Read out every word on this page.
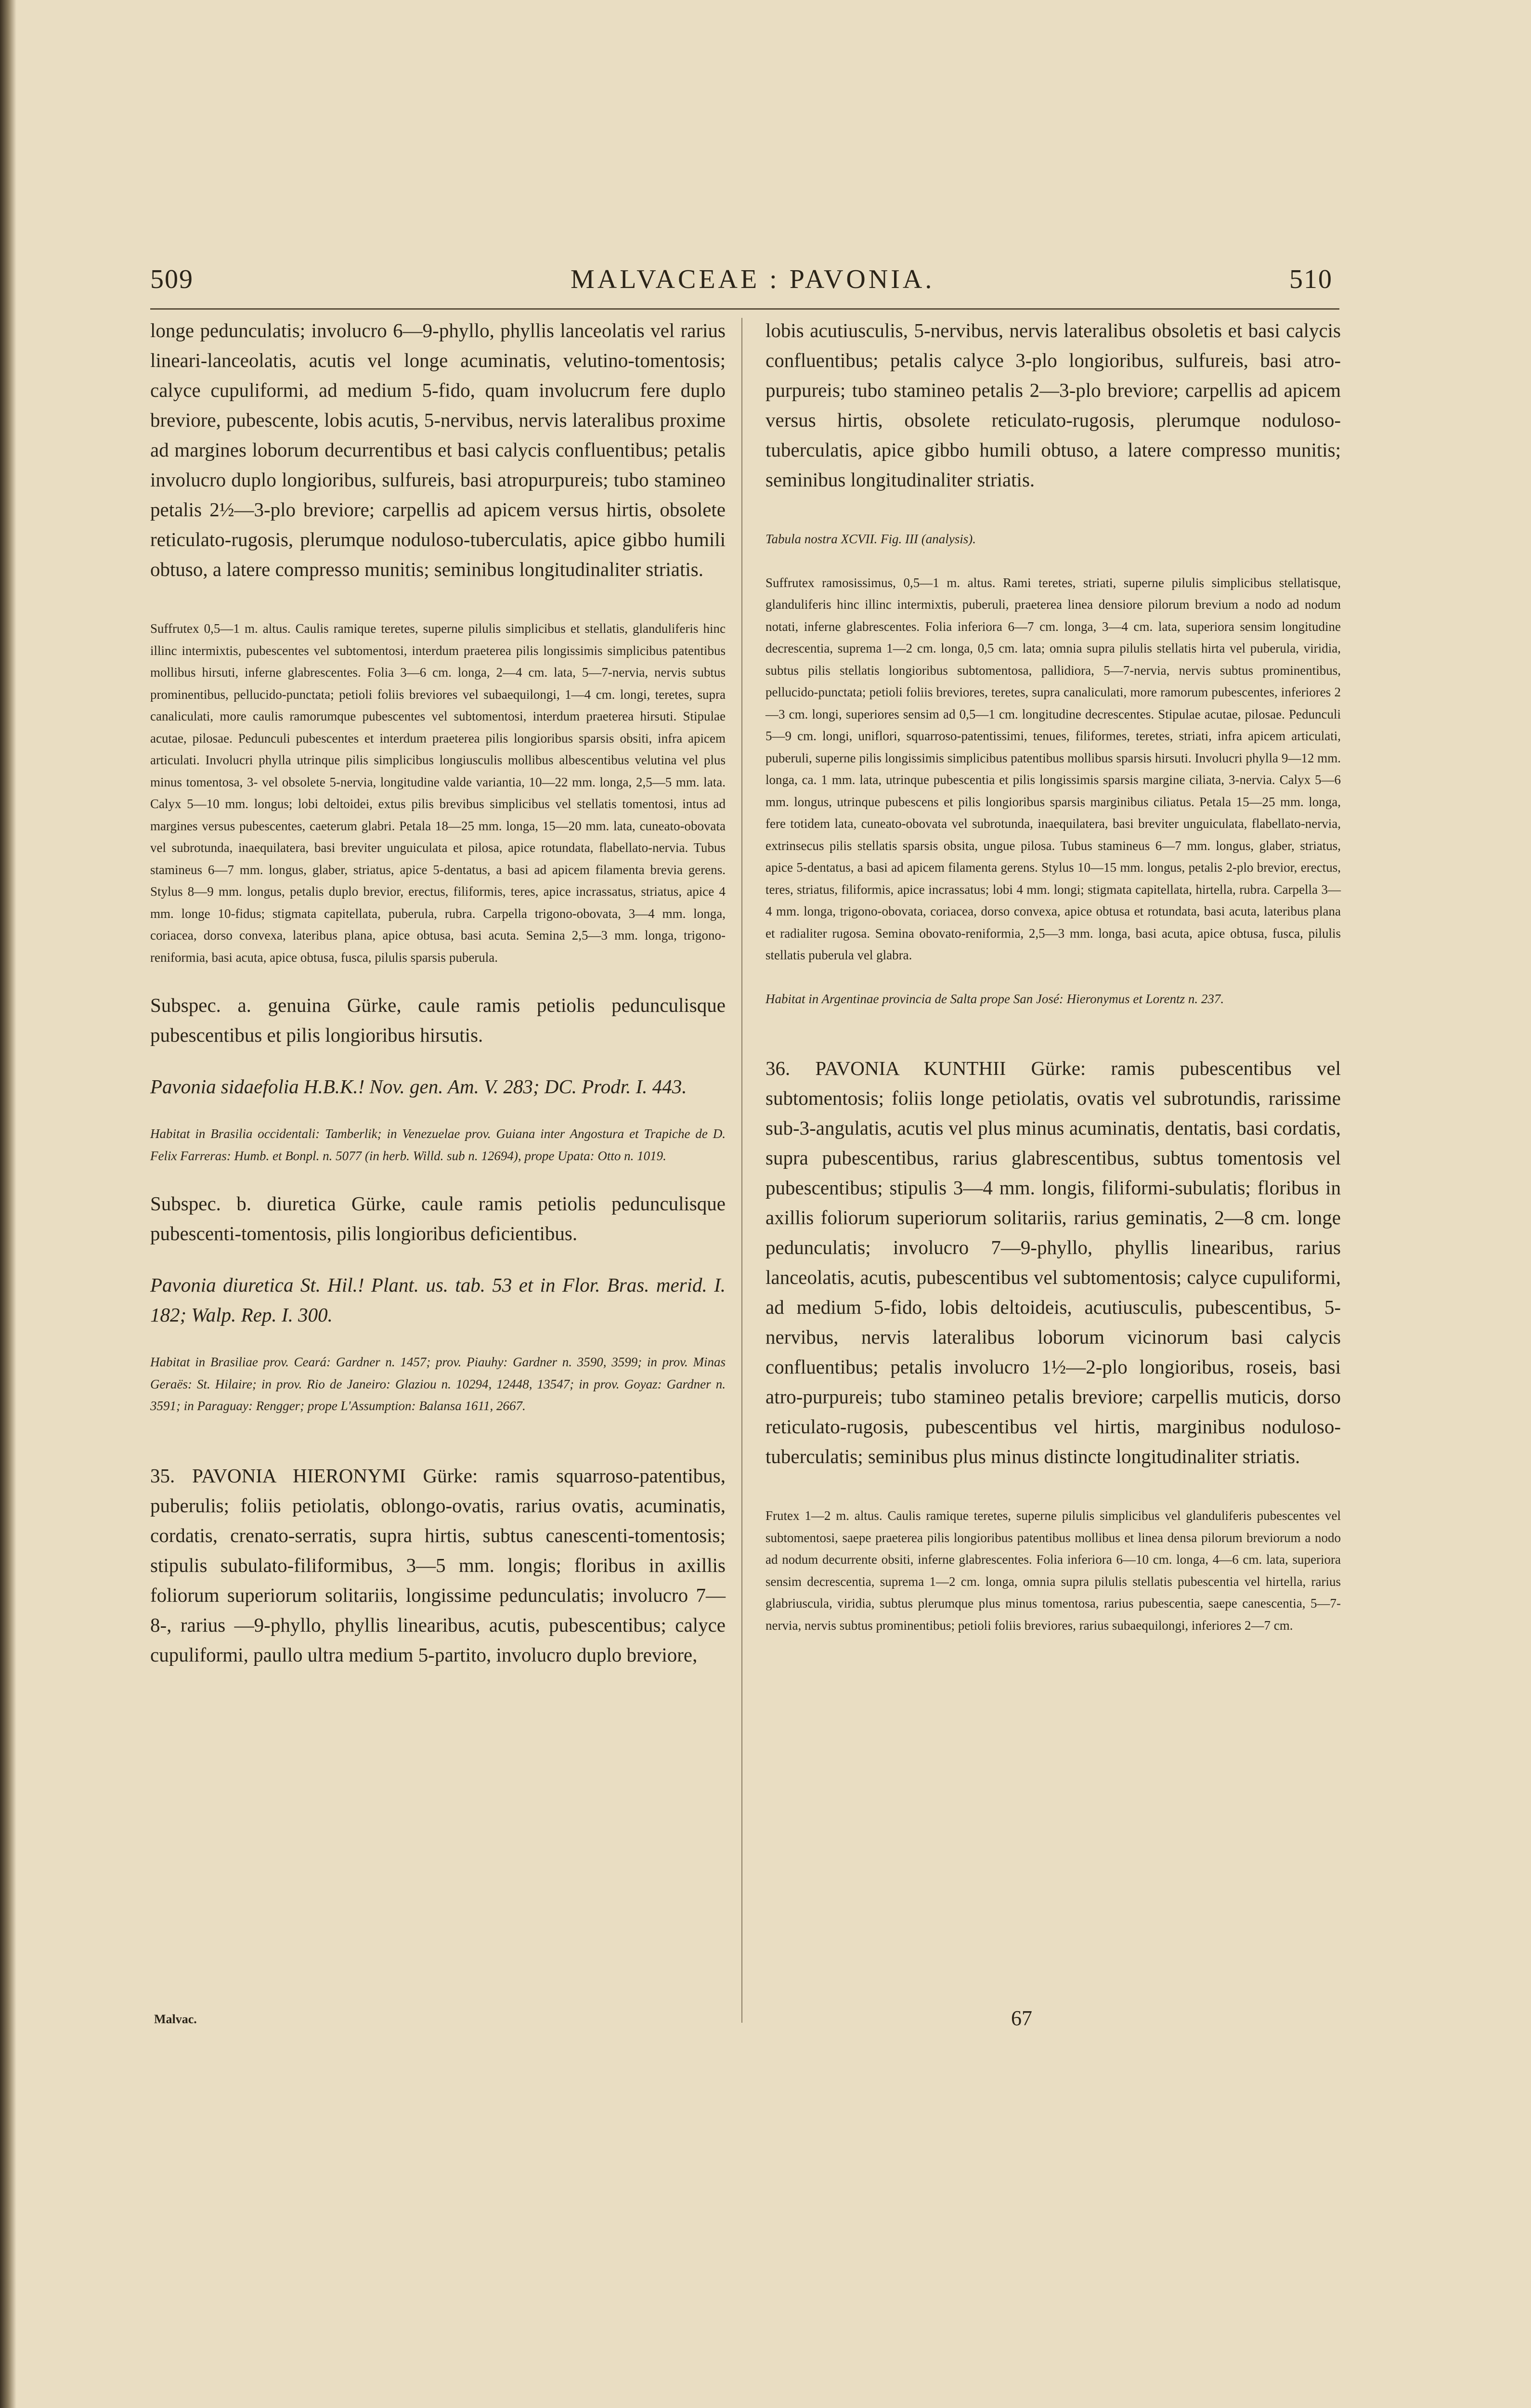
509	MALVACEAE : PAVONIA.	510

longe pedunculatis; involucro 6—9-phyllo, phyllis lanceolatis vel rarius lineari-lanceolatis, acutis vel longe acuminatis, velutino-tomentosis; calyce cupuliformi, ad medium 5-fido, quam involucrum fere duplo breviore, pubescente, lobis acutis, 5-nervibus, nervis lateralibus proxime ad margines loborum decurrentibus et basi calycis confluentibus; petalis involucro duplo longioribus, sulfureis, basi atropurpureis; tubo stamineo petalis 2½—3-plo breviore; carpellis ad apicem versus hirtis, obsolete reticulato-rugosis, plerumque noduloso-tuberculatis, apice gibbo humili obtuso, a latere compresso munitis; seminibus longitudinaliter striatis.

Suffrutex 0,5—1 m. altus. Caulis ramique teretes, superne pilulis simplicibus et stellatis, glanduliferis hinc illinc intermixtis, pubescentes vel subtomentosi, interdum praeterea pilis longissimis simplicibus patentibus mollibus hirsuti, inferne glabrescentes. Folia 3—6 cm. longa, 2—4 cm. lata, 5—7-nervia, nervis subtus prominentibus, pellucido-punctata; petioli foliis breviores vel subaequilongi, 1—4 cm. longi, teretes, supra canaliculati, more caulis ramorumque pubescentes vel subtomentosi, interdum praeterea hirsuti. Stipulae acutae, pilosae. Pedunculi pubescentes et interdum praeterea pilis longioribus sparsis obsiti, infra apicem articulati. Involucri phylla utrinque pilis simplicibus longiusculis mollibus albescentibus velutina vel plus minus tomentosa, 3- vel obsolete 5-nervia, longitudine valde variantia, 10—22 mm. longa, 2,5—5 mm. lata. Calyx 5—10 mm. longus; lobi deltoidei, extus pilis brevibus simplicibus vel stellatis tomentosi, intus ad margines versus pubescentes, caeterum glabri. Petala 18—25 mm. longa, 15—20 mm. lata, cuneato-obovata vel subrotunda, inaequilatera, basi breviter unguiculata et pilosa, apice rotundata, flabellato-nervia. Tubus stamineus 6—7 mm. longus, glaber, striatus, apice 5-dentatus, a basi ad apicem filamenta brevia gerens. Stylus 8—9 mm. longus, petalis duplo brevior, erectus, filiformis, teres, apice incrassatus, striatus, apice 4 mm. longe 10-fidus; stigmata capitellata, puberula, rubra. Carpella trigono-obovata, 3—4 mm. longa, coriacea, dorso convexa, lateribus plana, apice obtusa, basi acuta. Semina 2,5—3 mm. longa, trigono-reniformia, basi acuta, apice obtusa, fusca, pilulis sparsis puberula.

Subspec. a. genuina Gürke, caule ramis petiolis pedunculisque pubescentibus et pilis longioribus hirsutis.

Pavonia sidaefolia H.B.K.! Nov. gen. Am. V. 283; DC. Prodr. I. 443.

Habitat in Brasilia occidentali: Tamberlik; in Venezuelae prov. Guiana inter Angostura et Trapiche de D. Felix Farreras: Humb. et Bonpl. n. 5077 (in herb. Willd. sub n. 12694), prope Upata: Otto n. 1019.

Subspec. b. diuretica Gürke, caule ramis petiolis pedunculisque pubescenti-tomentosis, pilis longioribus deficientibus.

Pavonia diuretica St. Hil.! Plant. us. tab. 53 et in Flor. Bras. merid. I. 182; Walp. Rep. I. 300.

Habitat in Brasiliae prov. Ceará: Gardner n. 1457; prov. Piauhy: Gardner n. 3590, 3599; in prov. Minas Geraës: St. Hilaire; in prov. Rio de Janeiro: Glaziou n. 10294, 12448, 13547; in prov. Goyaz: Gardner n. 3591; in Paraguay: Rengger; prope L'Assumption: Balansa 1611, 2667.

35. PAVONIA HIERONYMI Gürke: ramis squarroso-patentibus, puberulis; foliis petiolatis, oblongo-ovatis, rarius ovatis, acuminatis, cordatis, crenato-serratis, supra hirtis, subtus canescenti-tomentosis; stipulis subulato-filiformibus, 3—5 mm. longis; floribus in axillis foliorum superiorum solitariis, longissime pedunculatis; involucro 7—8-, rarius —9-phyllo, phyllis linearibus, acutis, pubescentibus; calyce cupuliformi, paullo ultra medium 5-partito, involucro duplo breviore,

lobis acutiusculis, 5-nervibus, nervis lateralibus obsoletis et basi calycis confluentibus; petalis calyce 3-plo longioribus, sulfureis, basi atro-purpureis; tubo stamineo petalis 2—3-plo breviore; carpellis ad apicem versus hirtis, obsolete reticulato-rugosis, plerumque noduloso-tuberculatis, apice gibbo humili obtuso, a latere compresso munitis; seminibus longitudinaliter striatis.

Tabula nostra XCVII. Fig. III (analysis).

Suffrutex ramosissimus, 0,5—1 m. altus. Rami teretes, striati, superne pilulis simplicibus stellatisque, glanduliferis hinc illinc intermixtis, puberuli, praeterea linea densiore pilorum brevium a nodo ad nodum notati, inferne glabrescentes. Folia inferiora 6—7 cm. longa, 3—4 cm. lata, superiora sensim longitudine decrescentia, suprema 1—2 cm. longa, 0,5 cm. lata; omnia supra pilulis stellatis hirta vel puberula, viridia, subtus pilis stellatis longioribus subtomentosa, pallidiora, 5—7-nervia, nervis subtus prominentibus, pellucido-punctata; petioli foliis breviores, teretes, supra canaliculati, more ramorum pubescentes, inferiores 2—3 cm. longi, superiores sensim ad 0,5—1 cm. longitudine decrescentes. Stipulae acutae, pilosae. Pedunculi 5—9 cm. longi, uniflori, squarroso-patentissimi, tenues, filiformes, teretes, striati, infra apicem articulati, puberuli, superne pilis longissimis simplicibus patentibus mollibus sparsis hirsuti. Involucri phylla 9—12 mm. longa, ca. 1 mm. lata, utrinque pubescentia et pilis longissimis sparsis margine ciliata, 3-nervia. Calyx 5—6 mm. longus, utrinque pubescens et pilis longioribus sparsis marginibus ciliatus. Petala 15—25 mm. longa, fere totidem lata, cuneato-obovata vel subrotunda, inaequilatera, basi breviter unguiculata, flabellato-nervia, extrinsecus pilis stellatis sparsis obsita, ungue pilosa. Tubus stamineus 6—7 mm. longus, glaber, striatus, apice 5-dentatus, a basi ad apicem filamenta gerens. Stylus 10—15 mm. longus, petalis 2-plo brevior, erectus, teres, striatus, filiformis, apice incrassatus; lobi 4 mm. longi; stigmata capitellata, hirtella, rubra. Carpella 3—4 mm. longa, trigono-obovata, coriacea, dorso convexa, apice obtusa et rotundata, basi acuta, lateribus plana et radialiter rugosa. Semina obovato-reniformia, 2,5—3 mm. longa, basi acuta, apice obtusa, fusca, pilulis stellatis puberula vel glabra.

Habitat in Argentinae provincia de Salta prope San José: Hieronymus et Lorentz n. 237.

36. PAVONIA KUNTHII Gürke: ramis pubescentibus vel subtomentosis; foliis longe petiolatis, ovatis vel subrotundis, rarissime sub-3-angulatis, acutis vel plus minus acuminatis, dentatis, basi cordatis, supra pubescentibus, rarius glabrescentibus, subtus tomentosis vel pubescentibus; stipulis 3—4 mm. longis, filiformi-subulatis; floribus in axillis foliorum superiorum solitariis, rarius geminatis, 2—8 cm. longe pedunculatis; involucro 7—9-phyllo, phyllis linearibus, rarius lanceolatis, acutis, pubescentibus vel subtomentosis; calyce cupuliformi, ad medium 5-fido, lobis deltoideis, acutiusculis, pubescentibus, 5-nervibus, nervis lateralibus loborum vicinorum basi calycis confluentibus; petalis involucro 1½—2-plo longioribus, roseis, basi atro-purpureis; tubo stamineo petalis breviore; carpellis muticis, dorso reticulato-rugosis, pubescentibus vel hirtis, marginibus noduloso-tuberculatis; seminibus plus minus distincte longitudinaliter striatis.

Frutex 1—2 m. altus. Caulis ramique teretes, superne pilulis simplicibus vel glanduliferis pubescentes vel subtomentosi, saepe praeterea pilis longioribus patentibus mollibus et linea densa pilorum breviorum a nodo ad nodum decurrente obsiti, inferne glabrescentes. Folia inferiora 6—10 cm. longa, 4—6 cm. lata, superiora sensim decrescentia, suprema 1—2 cm. longa, omnia supra pilulis stellatis pubescentia vel hirtella, rarius glabriuscula, viridia, subtus plerumque plus minus tomentosa, rarius pubescentia, saepe canescentia, 5—7-nervia, nervis subtus prominentibus; petioli foliis breviores, rarius subaequilongi, inferiores 2—7 cm.

Malvac.	67
